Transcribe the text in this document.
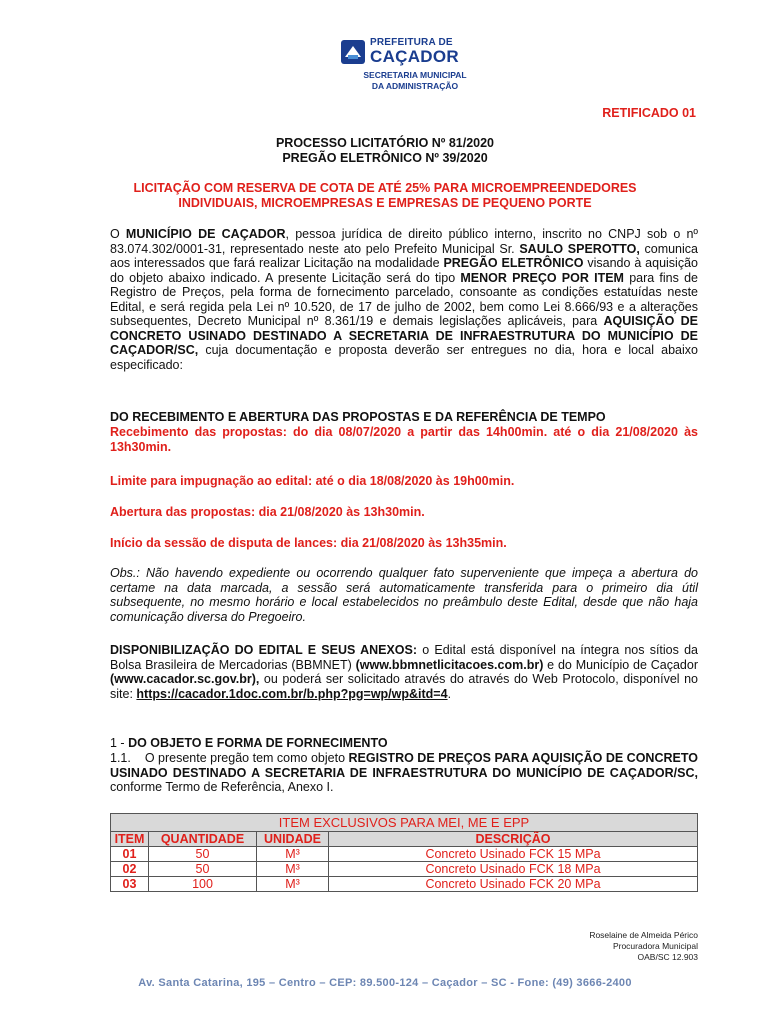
PREFEITURA DE
CAÇADOR
SECRETARIA MUNICIPAL
DA ADMINISTRAÇÃO
RETIFICADO 01
PROCESSO LICITATÓRIO Nº 81/2020
PREGÃO ELETRÔNICO Nº 39/2020
LICITAÇÃO COM RESERVA DE COTA DE ATÉ 25% PARA MICROEMPREENDEDORES
INDIVIDUAIS, MICROEMPRESAS E EMPRESAS DE PEQUENO PORTE
O MUNICÍPIO DE CAÇADOR, pessoa jurídica de direito público interno, inscrito no CNPJ sob o nº 83.074.302/0001-31, representado neste ato pelo Prefeito Municipal Sr. SAULO SPEROTTO, comunica aos interessados que fará realizar Licitação na modalidade PREGÃO ELETRÔNICO visando à aquisição do objeto abaixo indicado. A presente Licitação será do tipo MENOR PREÇO POR ITEM para fins de Registro de Preços, pela forma de fornecimento parcelado, consoante as condições estatuídas neste Edital, e será regida pela Lei nº 10.520, de 17 de julho de 2002, bem como Lei 8.666/93 e a alterações subsequentes, Decreto Municipal nº 8.361/19 e demais legislações aplicáveis, para AQUISIÇÃO DE CONCRETO USINADO DESTINADO A SECRETARIA DE INFRAESTRUTURA DO MUNICÍPIO DE CAÇADOR/SC, cuja documentação e proposta deverão ser entregues no dia, hora e local abaixo especificado:
DO RECEBIMENTO E ABERTURA DAS PROPOSTAS E DA REFERÊNCIA DE TEMPO
Recebimento das propostas: do dia 08/07/2020 a partir das 14h00min. até o dia 21/08/2020 às 13h30min.
Limite para impugnação ao edital: até o dia 18/08/2020 às 19h00min.
Abertura das propostas: dia 21/08/2020 às 13h30min.
Início da sessão de disputa de lances: dia 21/08/2020 às 13h35min.
Obs.: Não havendo expediente ou ocorrendo qualquer fato superveniente que impeça a abertura do certame na data marcada, a sessão será automaticamente transferida para o primeiro dia útil subsequente, no mesmo horário e local estabelecidos no preâmbulo deste Edital, desde que não haja comunicação diversa do Pregoeiro.
DISPONIBILIZAÇÃO DO EDITAL E SEUS ANEXOS: o Edital está disponível na íntegra nos sítios da Bolsa Brasileira de Mercadorias (BBMNET) (www.bbmnetlicitacoes.com.br) e do Município de Caçador (www.cacador.sc.gov.br), ou poderá ser solicitado através do através do Web Protocolo, disponível no site: https://cacador.1doc.com.br/b.php?pg=wp/wp&itd=4.
1 - DO OBJETO E FORMA DE FORNECIMENTO
1.1. O presente pregão tem como objeto REGISTRO DE PREÇOS PARA AQUISIÇÃO DE CONCRETO USINADO DESTINADO A SECRETARIA DE INFRAESTRUTURA DO MUNICÍPIO DE CAÇADOR/SC, conforme Termo de Referência, Anexo I.
ITEM EXCLUSIVOS PARA MEI, ME E EPP			
ITEM	QUANTIDADE	UNIDADE	DESCRIÇÃO
01	50	M³	Concreto Usinado FCK 15 MPa
02	50	M³	Concreto Usinado FCK 18 MPa
03	100	M³	Concreto Usinado FCK 20 MPa
Roselaine de Almeida Périco
Procuradora Municipal
OAB/SC 12.903
Av. Santa Catarina, 195 – Centro – CEP: 89.500-124 – Caçador – SC - Fone: (49) 3666-2400
